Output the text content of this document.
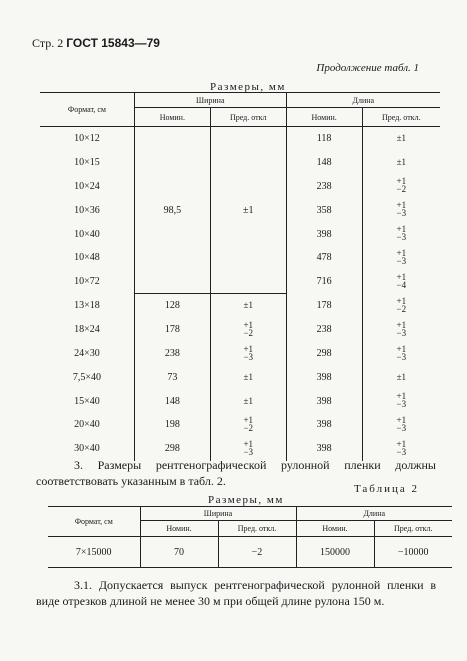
Стр. 2 ГОСТ 15843—79
Продолжение табл. 1
Размеры, мм
Формат, см	Ширина		Длина	
	Номин.	Пред. откл	Номин.	Пред. откл.
10×12	98,5	±1	118	±1

10×15			148	±1

10×24			238	+1
−2

10×36			358	+1
−3

10×40			398	+1
−3

10×48			478	+1
−3

10×72			716	+1
−4

13×18	128	±1	178	+1
−2

18×24	178	+1
−2	238	+1
−3

24×30	238	+1
−3	298	+1
−3

7,5×40	73	±1	398	±1

15×40	148	±1	398	+1
−3

20×40	198	+1
−2	398	+1
−3

30×40	298	+1
−3	398	+1
−3
3. Размеры рентгенографической рулонной пленки должны соответствовать указанным в табл. 2.
Таблица 2
Размеры, мм
Формат, см	Ширина		Длина	
	Номин.	Пред. откл.	Номин.	Пред. откл.
7×15000	70	−2	150000	−10000
3.1. Допускается выпуск рентгенографической рулонной пленки в виде отрезков длиной не менее 30 м при общей длине рулона 150 м.
